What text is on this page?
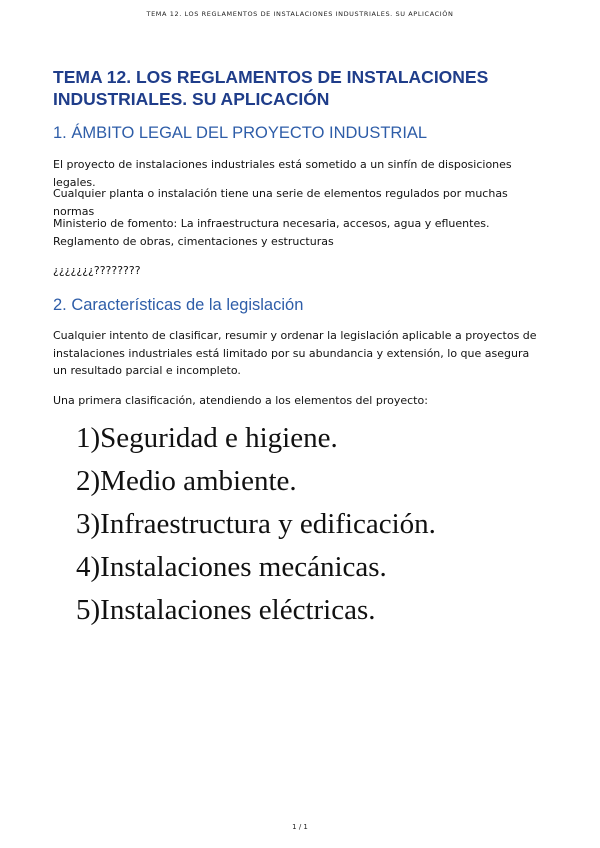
TEMA 12. LOS REGLAMENTOS DE INSTALACIONES INDUSTRIALES. SU APLICACIÓN
TEMA 12. LOS REGLAMENTOS DE INSTALACIONES INDUSTRIALES. SU APLICACIÓN
1. ÁMBITO LEGAL DEL PROYECTO INDUSTRIAL

El proyecto de instalaciones industriales está sometido a un sinfín de disposiciones legales.

Cualquier planta o instalación tiene una serie de elementos regulados por muchas normas

Ministerio de fomento: La infraestructura necesaria, accesos, agua y efluentes. Reglamento de obras, cimentaciones y estructuras

¿¿¿¿¿¿¿????????

2. Características de la legislación

Cualquier intento de clasificar, resumir y ordenar la legislación aplicable a proyectos de instalaciones industriales está limitado por su abundancia y extensión, lo que asegura un resultado parcial e incompleto.

Una primera clasificación, atendiendo a los elementos del proyecto:

1)Seguridad e higiene.
2)Medio ambiente.
3)Infraestructura y edificación.
4)Instalaciones mecánicas.
5)Instalaciones eléctricas.
1 / 1
